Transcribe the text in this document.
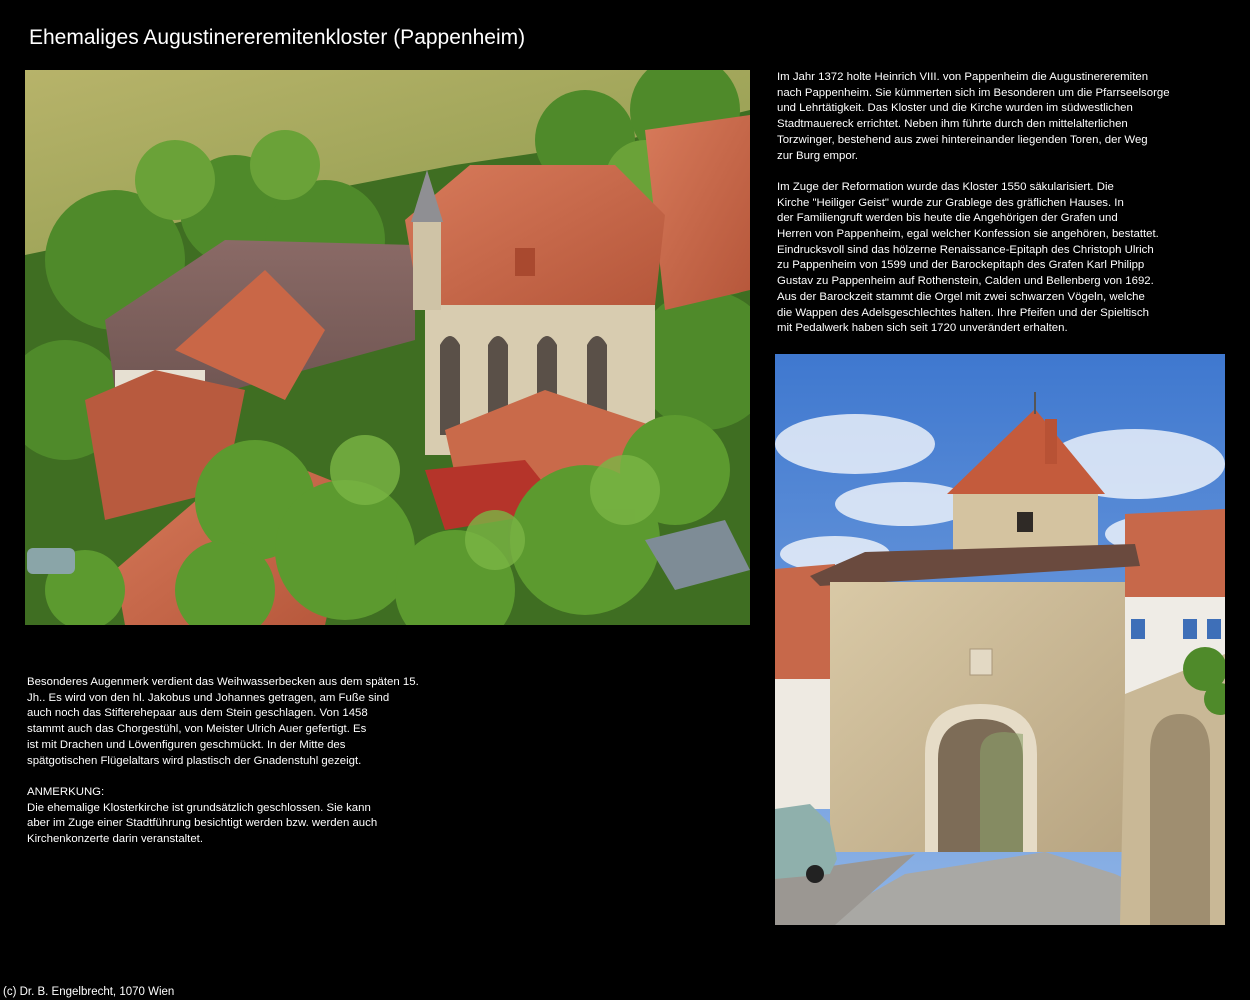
Ehemaliges Augustinereremitenkloster (Pappenheim)

Im Jahr 1372 holte Heinrich VIII. von Pappenheim die Augustinereremiten

nach Pappenheim. Sie kümmerten sich im Besonderen um die Pfarrseelsorge

und Lehrtätigkeit. Das Kloster und die Kirche wurden im südwestlichen

Stadtmauereck errichtet. Neben ihm führte durch den mittelalterlichen

Torzwinger, bestehend aus zwei hintereinander liegenden Toren, der Weg

zur Burg empor.

Im Zuge der Reformation wurde das Kloster 1550 säkularisiert. Die

Kirche "Heiliger Geist" wurde zur Grablege des gräflichen Hauses. In

der Familiengruft werden bis heute die Angehörigen der Grafen und

Herren von Pappenheim, egal welcher Konfession sie angehören, bestattet.

Eindrucksvoll sind das hölzerne Renaissance-Epitaph des Christoph Ulrich

zu Pappenheim von 1599 und der Barockepitaph des Grafen Karl Philipp

Gustav zu Pappenheim auf Rothenstein, Calden und Bellenberg von 1692.

Aus der Barockzeit stammt die Orgel mit zwei schwarzen Vögeln, welche

die Wappen des Adelsgeschlechtes halten. Ihre Pfeifen und der Spieltisch

mit Pedalwerk haben sich seit 1720 unverändert erhalten.

Besonderes Augenmerk verdient das Weihwasserbecken aus dem späten 15.

Jh.. Es wird von den hl. Jakobus und Johannes getragen, am Fuße sind

auch noch das Stifterehepaar aus dem Stein geschlagen. Von 1458

stammt auch das Chorgestühl, von Meister Ulrich Auer gefertigt. Es

ist mit Drachen und Löwenfiguren geschmückt. In der Mitte des

spätgotischen Flügelaltars wird plastisch der Gnadenstuhl gezeigt.

ANMERKUNG:

Die ehemalige Klosterkirche ist grundsätzlich geschlossen. Sie kann

aber im Zuge einer Stadtführung besichtigt werden bzw. werden auch

Kirchenkonzerte darin veranstaltet.

(c) Dr. B. Engelbrecht, 1070 Wien
